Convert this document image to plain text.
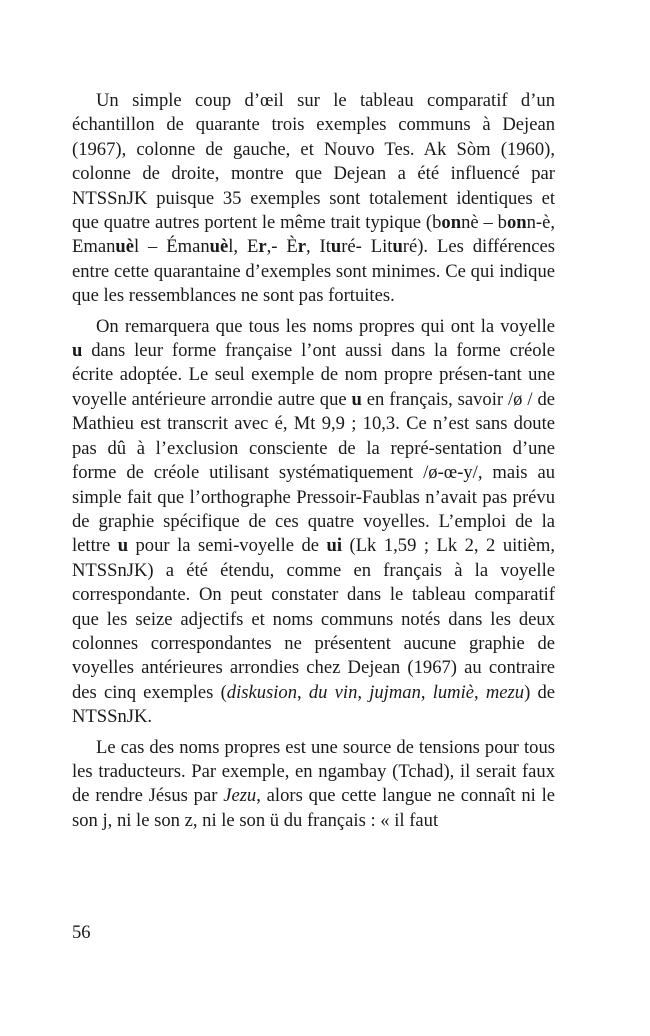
Un simple coup d’œil sur le tableau comparatif d’un échantillon de quarante trois exemples communs à Dejean (1967), colonne de gauche, et Nouvo Tes. Ak Sòm (1960), colonne de droite, montre que Dejean a été influencé par NTSSnJK puisque 35 exemples sont totalement identiques et que quatre autres portent le même trait typique (bonnè – bonn-è, Emanuèl – Émanuèl, Er,- Èr, Ituré- Lituré). Les différences entre cette quarantaine d’exemples sont minimes. Ce qui indique que les ressemblances ne sont pas fortuites.

On remarquera que tous les noms propres qui ont la voyelle u dans leur forme française l’ont aussi dans la forme créole écrite adoptée. Le seul exemple de nom propre présen-tant une voyelle antérieure arrondie autre que u en français, savoir /ø / de Mathieu est transcrit avec é, Mt 9,9 ; 10,3. Ce n’est sans doute pas dû à l’exclusion consciente de la repré-sentation d’une forme de créole utilisant systématiquement /ø-œ-y/, mais au simple fait que l’orthographe Pressoir-Faublas n’avait pas prévu de graphie spécifique de ces quatre voyelles. L’emploi de la lettre u pour la semi-voyelle de ui (Lk 1,59 ; Lk 2, 2 uitièm, NTSSnJK) a été étendu, comme en français à la voyelle correspondante. On peut constater dans le tableau comparatif que les seize adjectifs et noms communs notés dans les deux colonnes correspondantes ne présentent aucune graphie de voyelles antérieures arrondies chez Dejean (1967) au contraire des cinq exemples (diskusion, du vin, jujman, lumiè, mezu) de NTSSnJK.

Le cas des noms propres est une source de tensions pour tous les traducteurs. Par exemple, en ngambay (Tchad), il serait faux de rendre Jésus par Jezu, alors que cette langue ne connaît ni le son j, ni le son z, ni le son ü du français : « il faut

56
